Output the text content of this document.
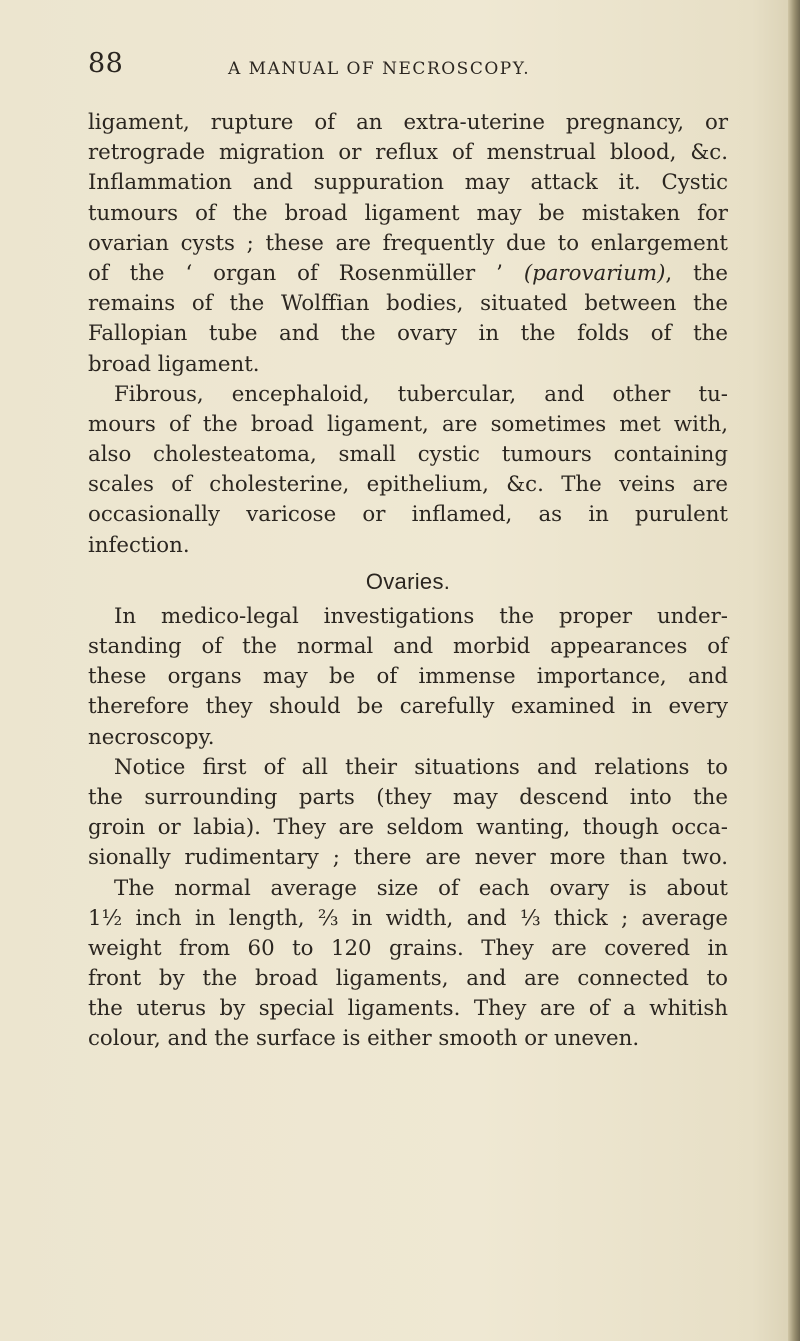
88	A MANUAL OF NECROSCOPY.
ligament, rupture of an extra-uterine pregnancy, or
retrograde migration or reflux of menstrual blood, &c.
Inflammation and suppuration may attack it. Cystic
tumours of the broad ligament may be mistaken for
ovarian cysts ; these are frequently due to enlargement
of the ‘ organ of Rosenmüller ’ (parovarium), the
remains of the Wolffian bodies, situated between the
Fallopian tube and the ovary in the folds of the
broad ligament.
Fibrous, encephaloid, tubercular, and other tu-
mours of the broad ligament, are sometimes met with,
also cholesteatoma, small cystic tumours containing
scales of cholesterine, epithelium, &c. The veins are
occasionally varicose or inflamed, as in purulent
infection.
Ovaries.
In medico-legal investigations the proper under-
standing of the normal and morbid appearances of
these organs may be of immense importance, and
therefore they should be carefully examined in every
necroscopy.
Notice first of all their situations and relations to
the surrounding parts (they may descend into the
groin or labia). They are seldom wanting, though occa-
sionally rudimentary ; there are never more than two.
The normal average size of each ovary is about
1½ inch in length, ⅔ in width, and ⅓ thick ; average
weight from 60 to 120 grains. They are covered in
front by the broad ligaments, and are connected to
the uterus by special ligaments. They are of a whitish
colour, and the surface is either smooth or uneven.
